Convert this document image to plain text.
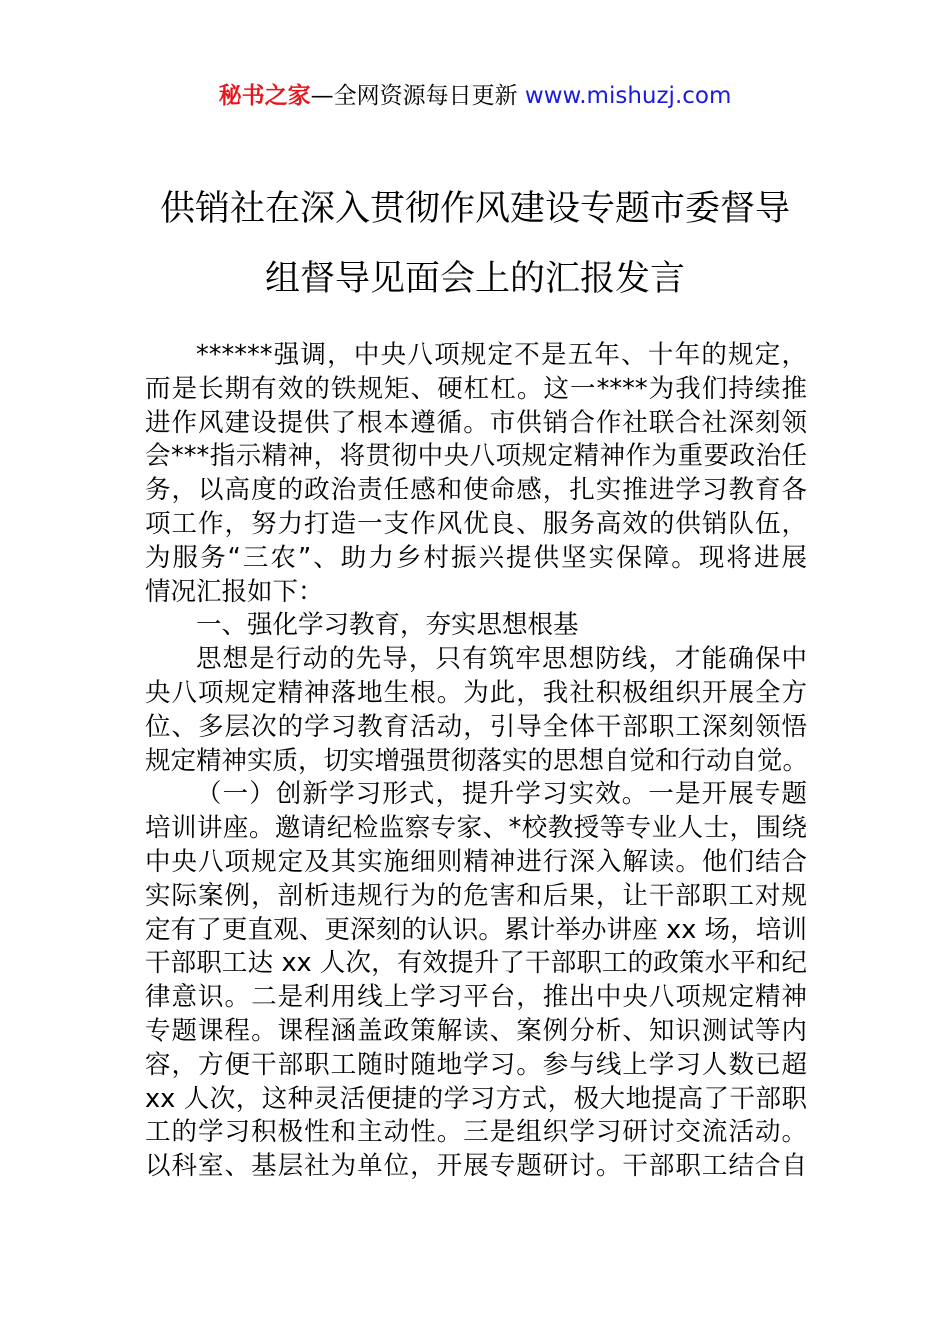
秘书之家—全网资源每日更新 www.mishuzj.com
供销社在深入贯彻作风建设专题市委督导
组督导见面会上的汇报发言
******强调，中央八项规定不是五年、十年的规定，
而是长期有效的铁规矩、硬杠杠。这一****为我们持续推
进作风建设提供了根本遵循。市供销合作社联合社深刻领
会***指示精神，将贯彻中央八项规定精神作为重要政治任
务，以高度的政治责任感和使命感，扎实推进学习教育各
项工作，努力打造一支作风优良、服务高效的供销队伍，
为服务“三农”、助力乡村振兴提供坚实保障。现将进展
情况汇报如下：
一、强化学习教育，夯实思想根基
思想是行动的先导，只有筑牢思想防线，才能确保中
央八项规定精神落地生根。为此，我社积极组织开展全方
位、多层次的学习教育活动，引导全体干部职工深刻领悟
规定精神实质，切实增强贯彻落实的思想自觉和行动自觉。
（一）创新学习形式，提升学习实效。一是开展专题
培训讲座。邀请纪检监察专家、*校教授等专业人士，围绕
中央八项规定及其实施细则精神进行深入解读。他们结合
实际案例，剖析违规行为的危害和后果，让干部职工对规
定有了更直观、更深刻的认识。累计举办讲座 xx 场，培训
干部职工达 xx 人次，有效提升了干部职工的政策水平和纪
律意识。二是利用线上学习平台，推出中央八项规定精神
专题课程。课程涵盖政策解读、案例分析、知识测试等内
容，方便干部职工随时随地学习。参与线上学习人数已超
xx 人次，这种灵活便捷的学习方式，极大地提高了干部职
工的学习积极性和主动性。三是组织学习研讨交流活动。
以科室、基层社为单位，开展专题研讨。干部职工结合自
